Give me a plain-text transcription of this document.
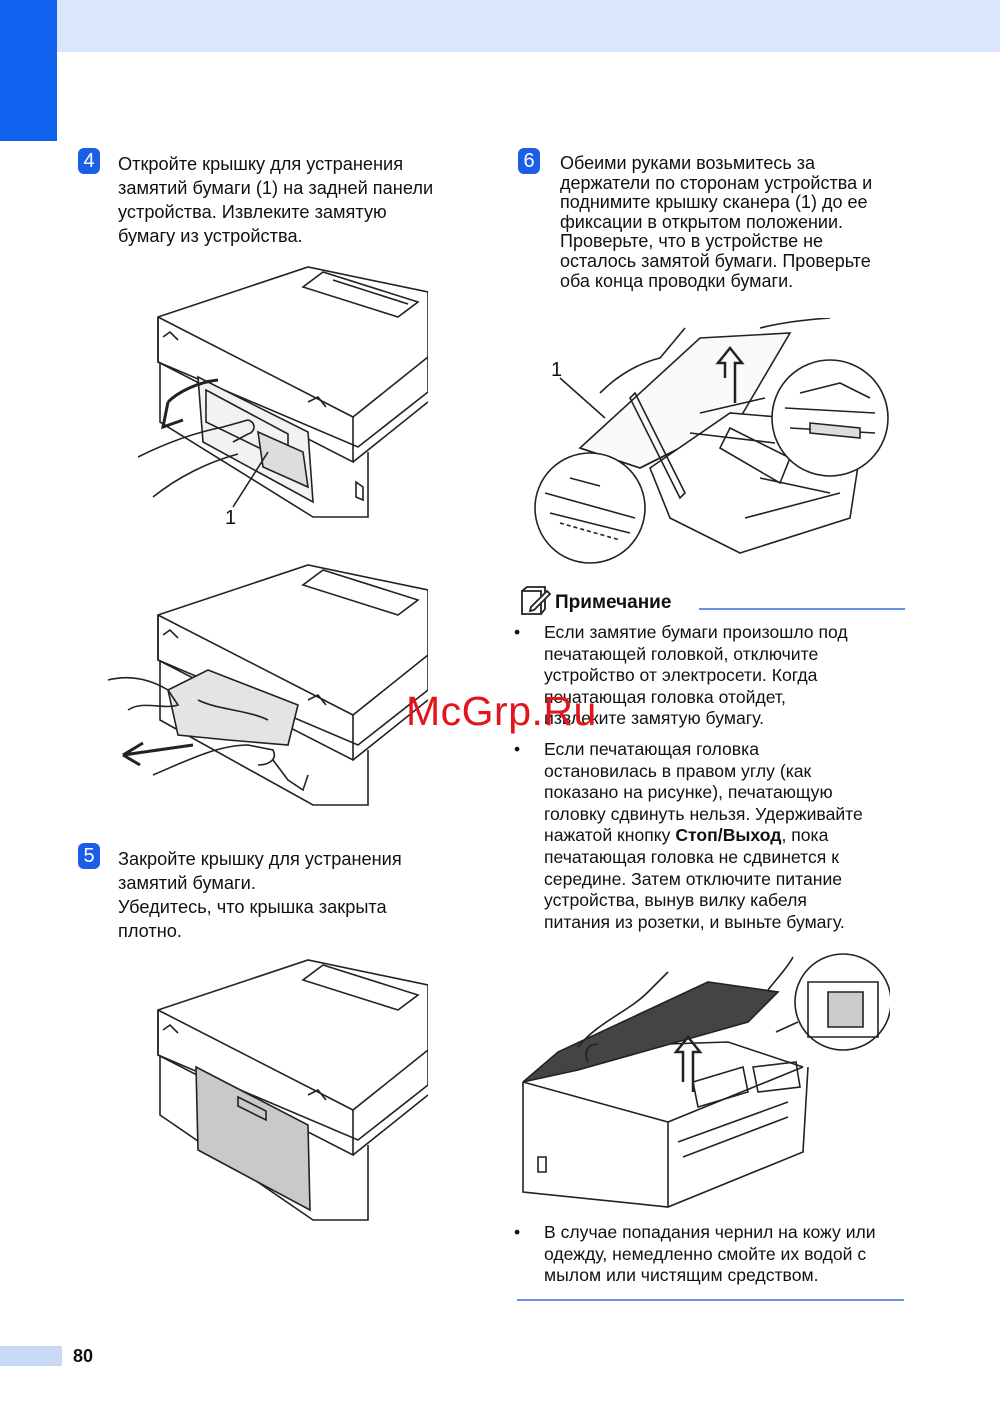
4 Откройте крышку для устранения
замятий бумаги (1) на задней панели
устройства. Извлеките замятую
бумагу из устройства.
1
5 Закройте крышку для устранения
замятий бумаги.
Убедитесь, что крышка закрыта
плотно.
6	Обеими руками возьмитесь за
держатели по сторонам устройства и
поднимите крышку сканера (1) до ее
фиксации в открытом положении.
Проверьте, что в устройстве не
осталось замятой бумаги. Проверьте
оба конца проводки бумаги.
1
Примечание
• Если замятие бумаги произошло под
печатающей головкой, отключите
устройство от электросети. Когда
печатающая головка отойдет,
извлеките замятую бумагу.
• Если печатающая головка
остановилась в правом углу (как
показано на рисунке), печатающую
головку сдвинуть нельзя. Удерживайте
нажатой кнопку Стоп/Выход, пока
печатающая головка не сдвинется к
середине. Затем отключите питание
устройства, вынув вилку кабеля
питания из розетки, и выньте бумагу.
• В случае попадания чернил на кожу или
одежду, немедленно смойте их водой с
мылом или чистящим средством.
McGrp.Ru
80
